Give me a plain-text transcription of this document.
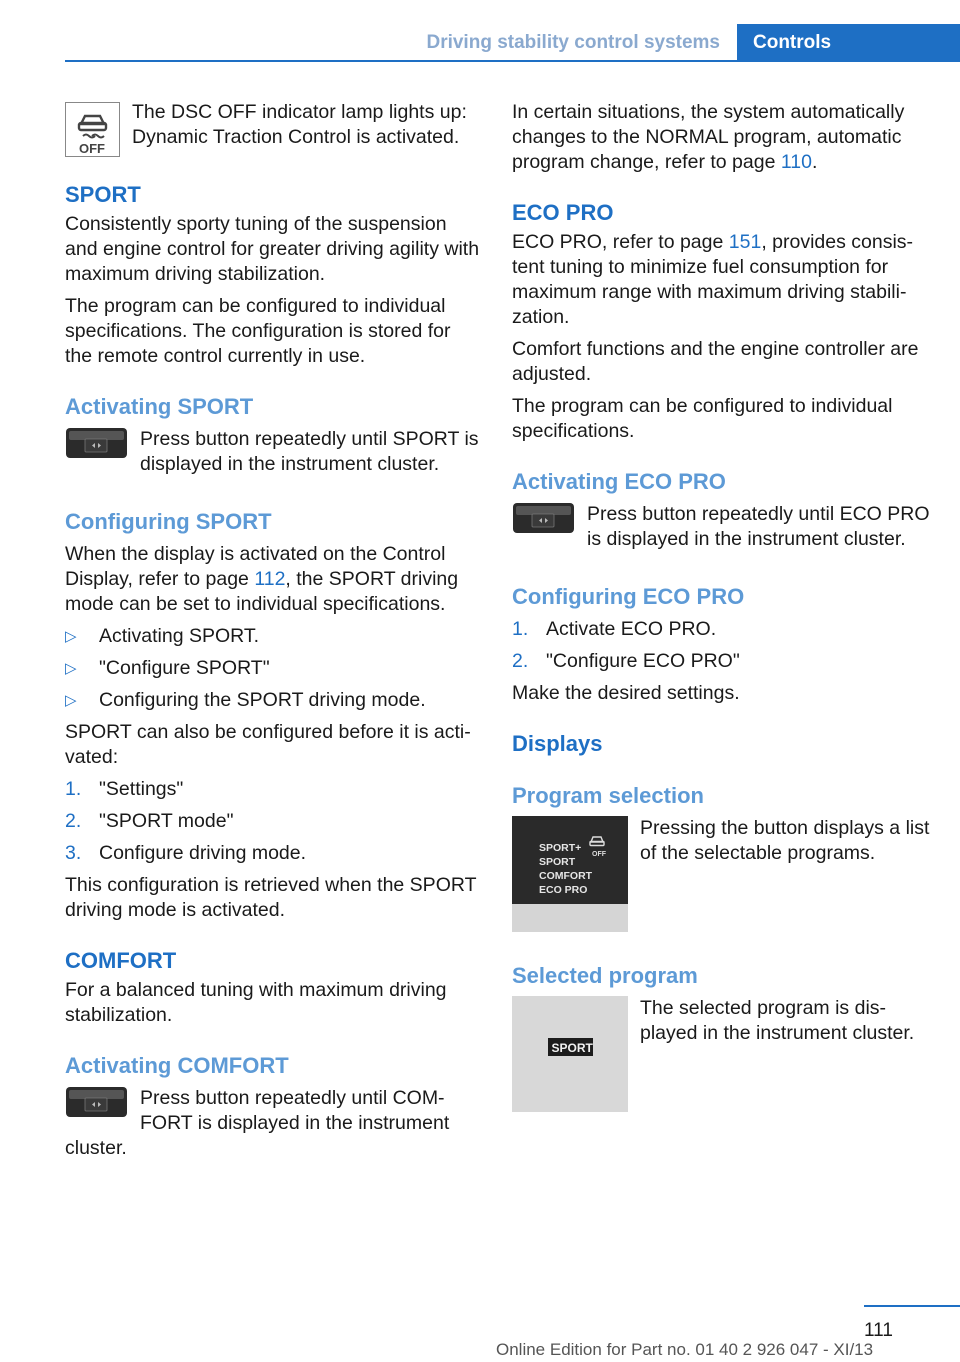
Driving stability control systems	Controls
OFF

The DSC OFF indicator lamp lights up: Dynamic Traction Control is activated.

SPORT

Consistently sporty tuning of the suspension and engine control for greater driving agility with maximum driving stabilization.

The program can be configured to individual specifications. The configuration is stored for the remote control currently in use.

Activating SPORT

Press button repeatedly until SPORT is displayed in the instrument cluster.

Configuring SPORT

When the display is activated on the Control Display, refer to page 112, the SPORT driving mode can be set to individual specifications.

▷ Activating SPORT.
▷ "Configure SPORT"
▷ Configuring the SPORT driving mode.

SPORT can also be configured before it is acti-vated:

1. "Settings"
2. "SPORT mode"
3. Configure driving mode.

This configuration is retrieved when the SPORT driving mode is activated.

COMFORT

For a balanced tuning with maximum driving stabilization.

Activating COMFORT

Press button repeatedly until COM-FORT is displayed in the instrument cluster.

In certain situations, the system automatically changes to the NORMAL program, automatic program change, refer to page 110.

ECO PRO

ECO PRO, refer to page 151, provides consis-tent tuning to minimize fuel consumption for maximum range with maximum driving stabili-zation.

Comfort functions and the engine controller are adjusted.

The program can be configured to individual specifications.

Activating ECO PRO

Press button repeatedly until ECO PRO is displayed in the instrument cluster.

Configuring ECO PRO
1. Activate ECO PRO.
2. "Configure ECO PRO"

Make the desired settings.

Displays
Program selection
SPORT+
SPORT
COMFORT
ECO PRO
OFF

Pressing the button displays a list of the selectable programs.

Selected program
SPORT

The selected program is dis-played in the instrument cluster.

111
Online Edition for Part no. 01 40 2 926 047 - XI/13
